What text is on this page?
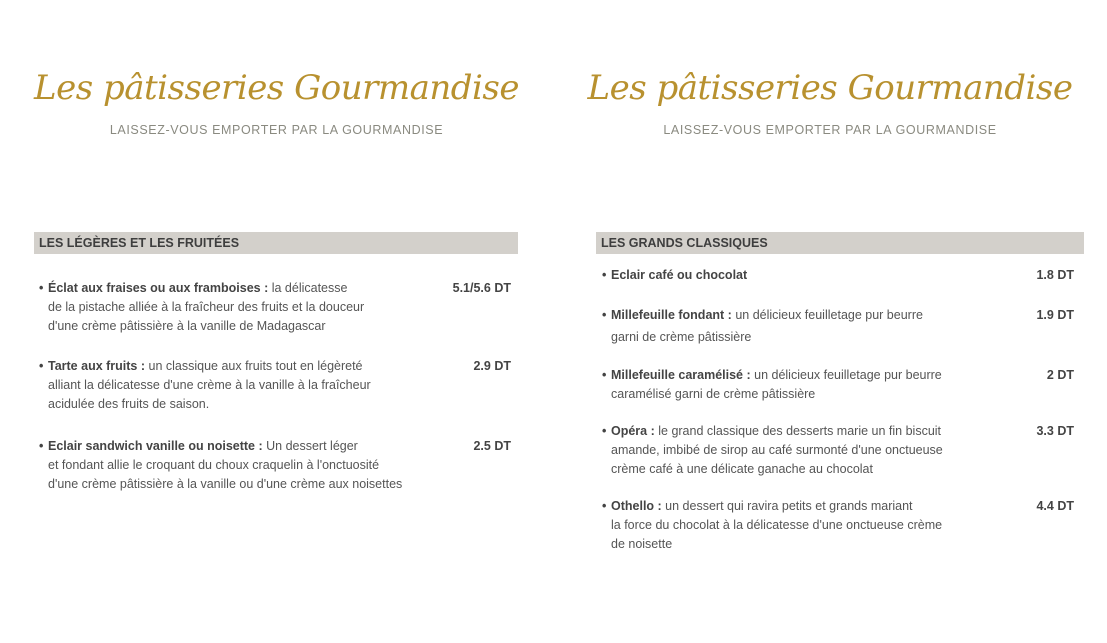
Les pâtisseries Gourmandise
LAISSEZ-VOUS EMPORTER PAR LA GOURMANDISE
LES LÉGÈRES ET LES FRUITÉES
• Éclat aux fraises ou aux framboises : la délicatesse
de la pistache alliée à la fraîcheur des fruits et la douceur
d'une crème pâtissière à la vanille de Madagascar
5.1/5.6 DT
• Tarte aux fruits : un classique aux fruits tout en légèreté
alliant la délicatesse d'une crème à la vanille à la fraîcheur
acidulée des fruits de saison.
2.9 DT
• Eclair sandwich vanille ou noisette : Un dessert léger
et fondant allie le croquant du choux craquelin à l'onctuosité
d'une crème pâtissière à la vanille ou d'une crème aux noisettes
2.5 DT
Les pâtisseries Gourmandise
LAISSEZ-VOUS EMPORTER PAR LA GOURMANDISE
LES GRANDS CLASSIQUES
• Eclair café ou chocolat	1.8 DT
• Millefeuille fondant : un délicieux feuilletage pur beurre
garni de crème pâtissière
1.9 DT
• Millefeuille caramélisé : un délicieux feuilletage pur beurre
caramélisé garni de crème pâtissière
2 DT
• Opéra : le grand classique des desserts marie un fin biscuit
amande, imbibé de sirop au café surmonté d'une onctueuse
crème café à une délicate ganache au chocolat
3.3 DT
• Othello : un dessert qui ravira petits et grands mariant
la force du chocolat à la délicatesse d'une onctueuse crème
de noisette
4.4 DT
